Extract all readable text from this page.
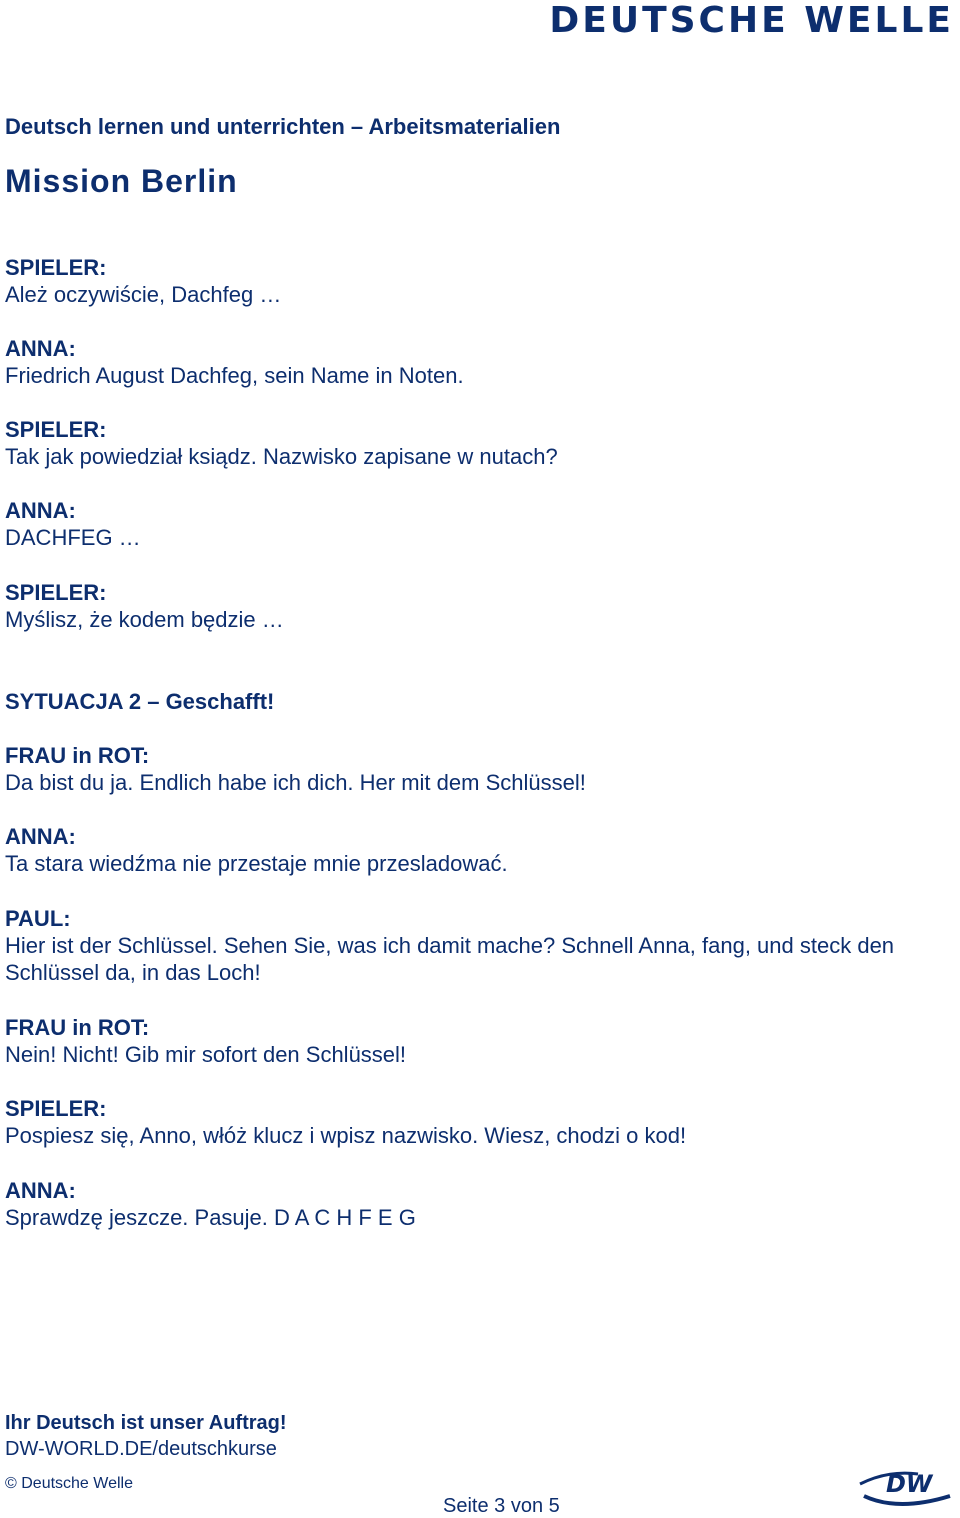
DEUTSCHE WELLE
Deutsch lernen und unterrichten – Arbeitsmaterialien
Mission Berlin
SPIELER:
Ależ oczywiście, Dachfeg …
ANNA:
Friedrich August Dachfeg, sein Name in Noten.
SPIELER:
Tak jak powiedział ksiądz. Nazwisko zapisane w nutach?
ANNA:
DACHFEG …
SPIELER:
Myślisz, że kodem będzie …
SYTUACJA 2 – Geschafft!
FRAU in ROT:
Da bist du ja. Endlich habe ich dich. Her mit dem Schlüssel!
ANNA:
Ta stara wiedźma nie przestaje mnie przesladować.
PAUL:
Hier ist der Schlüssel. Sehen Sie, was ich damit mache? Schnell Anna, fang, und steck den Schlüssel da, in das Loch!
FRAU in ROT:
Nein! Nicht! Gib mir sofort den Schlüssel!
SPIELER:
Pospiesz się, Anno, włóż klucz i wpisz nazwisko. Wiesz, chodzi o kod!
ANNA:
Sprawdzę jeszcze. Pasuje. D A C H F E G
Ihr Deutsch ist unser Auftrag!
DW-WORLD.DE/deutschkurse
© Deutsche Welle
Seite 3 von 5
DW
